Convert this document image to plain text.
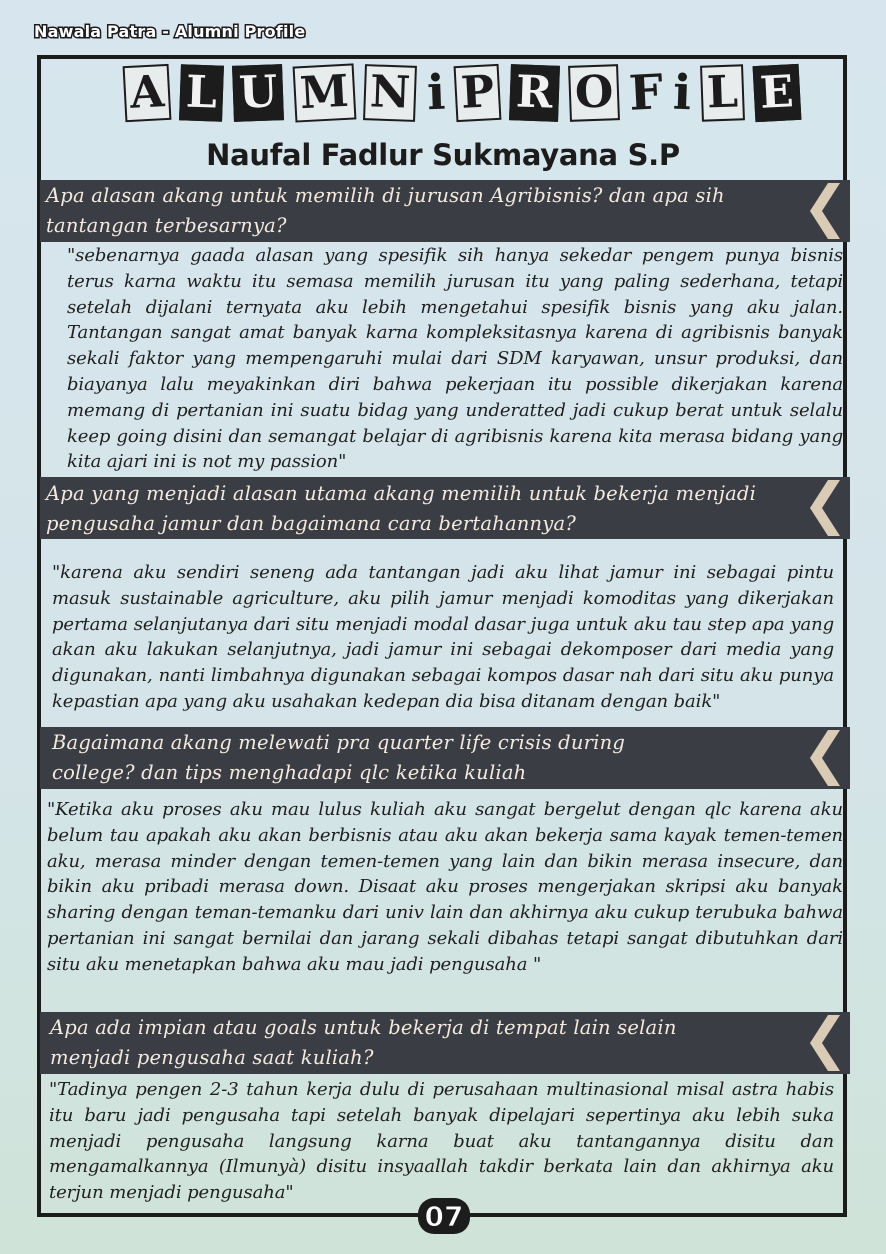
Nawala Patra - Alumni Profile
A L U M N i P R O F i L E
Naufal Fadlur Sukmayana S.P
Apa alasan akang untuk memilih di jurusan Agribisnis? dan apa sih tantangan terbesarnya?
"sebenarnya gaada alasan yang spesifik sih hanya sekedar pengem punya bisnis terus karna waktu itu semasa memilih jurusan itu yang paling sederhana, tetapi setelah dijalani ternyata aku lebih mengetahui spesifik bisnis yang aku jalan. Tantangan sangat amat banyak karna kompleksitasnya karena di agribisnis banyak sekali faktor yang mempengaruhi mulai dari SDM karyawan, unsur produksi, dan biayanya lalu meyakinkan diri bahwa pekerjaan itu possible dikerjakan karena memang di pertanian ini suatu bidag yang underatted jadi cukup berat untuk selalu keep going disini dan semangat belajar di agribisnis karena kita merasa bidang yang kita ajari ini is not my passion"
Apa yang menjadi alasan utama akang memilih untuk bekerja menjadi pengusaha jamur dan bagaimana cara bertahannya?
"karena aku sendiri seneng ada tantangan jadi aku lihat jamur ini sebagai pintu masuk sustainable agriculture, aku pilih jamur menjadi komoditas yang dikerjakan pertama selanjutanya dari situ menjadi modal dasar juga untuk aku tau step apa yang akan aku lakukan selanjutnya, jadi jamur ini sebagai dekomposer dari media yang digunakan, nanti limbahnya digunakan sebagai kompos dasar nah dari situ aku punya kepastian apa yang aku usahakan kedepan dia bisa ditanam dengan baik"
Bagaimana akang melewati pra quarter life crisis during college? dan tips menghadapi qlc ketika kuliah
"Ketika aku proses aku mau lulus kuliah aku sangat bergelut dengan qlc karena aku belum tau apakah aku akan berbisnis atau aku akan bekerja sama kayak temen-temen aku, merasa minder dengan temen-temen yang lain dan bikin merasa insecure, dan bikin aku pribadi merasa down. Disaat aku proses mengerjakan skripsi aku banyak sharing dengan teman-temanku dari univ lain dan akhirnya aku cukup terubuka bahwa pertanian ini sangat bernilai dan jarang sekali dibahas tetapi sangat dibutuhkan dari situ aku menetapkan bahwa aku mau jadi pengusaha "
Apa ada impian atau goals untuk bekerja di tempat lain selain menjadi pengusaha saat kuliah?
"Tadinya pengen 2-3 tahun kerja dulu di perusahaan multinasional misal astra habis itu baru jadi pengusaha tapi setelah banyak dipelajari sepertinya aku lebih suka menjadi pengusaha langsung karna buat aku tantangannya disitu dan mengamalkannya (Ilmunyà) disitu insyaallah takdir berkata lain dan akhirnya aku terjun menjadi pengusaha"
07
